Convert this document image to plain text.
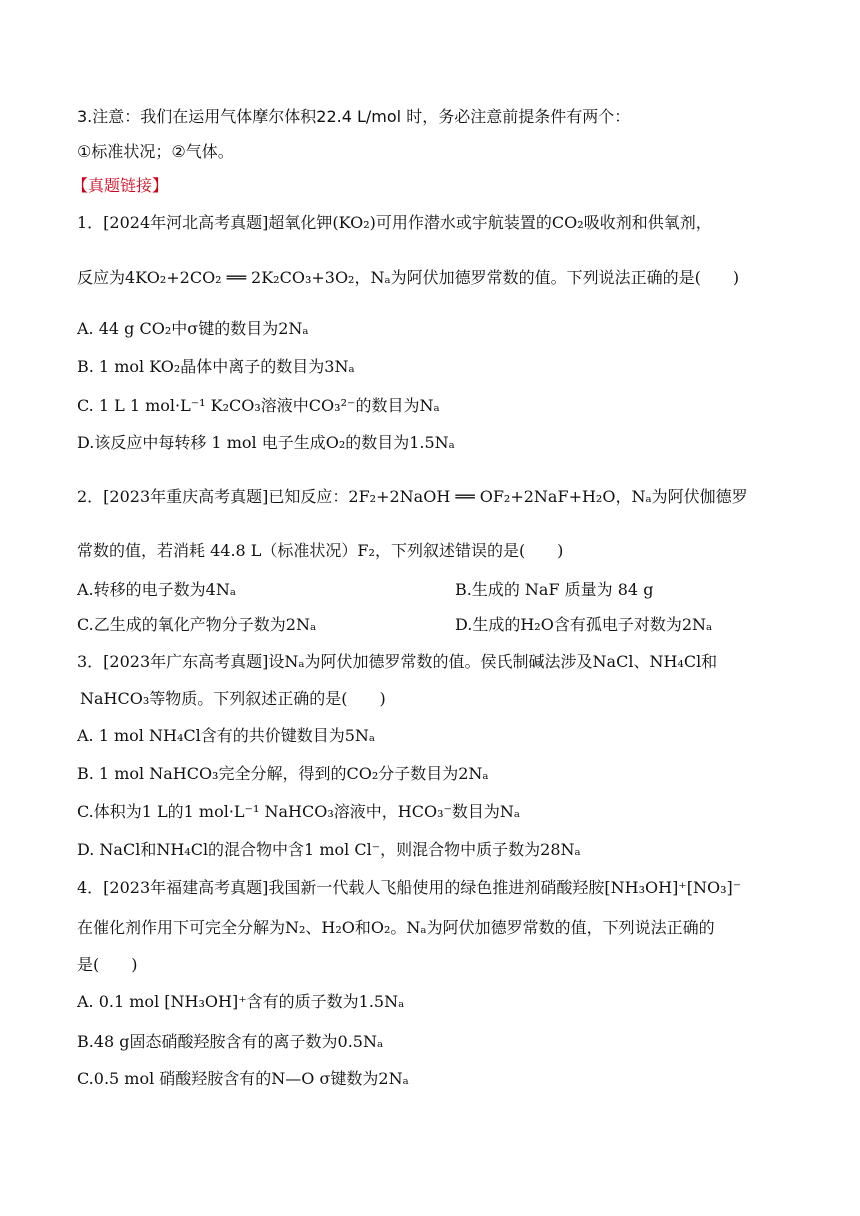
3.注意：我们在运用气体摩尔体积22.4 L/mol 时，务必注意前提条件有两个：
①标准状况；②气体。
【真题链接】
1．[2024年河北高考真题]超氧化钾(KO₂)可用作潜水或宇航装置的CO₂吸收剂和供氧剂，
反应为4KO₂+2CO₂ ══ 2K₂CO₃+3O₂，Nₐ为阿伏加德罗常数的值。下列说法正确的是(　　)
A. 44 g CO₂中σ键的数目为2Nₐ
B. 1 mol KO₂晶体中离子的数目为3Nₐ
C. 1 L 1 mol·L⁻¹ K₂CO₃溶液中CO₃²⁻的数目为Nₐ
D.该反应中每转移 1 mol 电子生成O₂的数目为1.5Nₐ
2．[2023年重庆高考真题]已知反应：2F₂+2NaOH ══ OF₂+2NaF+H₂O，Nₐ为阿伏伽德罗
常数的值，若消耗 44.8 L（标准状况）F₂，下列叙述错误的是(　　)
A.转移的电子数为4Nₐ	B.生成的 NaF 质量为 84 g
C.乙生成的氧化产物分子数为2Nₐ	D.生成的H₂O含有孤电子对数为2Nₐ
3．[2023年广东高考真题]设Nₐ为阿伏加德罗常数的值。侯氏制碱法涉及NaCl、NH₄Cl和
NaHCO₃等物质。下列叙述正确的是(　　)
A. 1 mol NH₄Cl含有的共价键数目为5Nₐ
B. 1 mol NaHCO₃完全分解，得到的CO₂分子数目为2Nₐ
C.体积为1 L的1 mol·L⁻¹ NaHCO₃溶液中，HCO₃⁻数目为Nₐ
D. NaCl和NH₄Cl的混合物中含1 mol Cl⁻，则混合物中质子数为28Nₐ
4．[2023年福建高考真题]我国新一代载人飞船使用的绿色推进剂硝酸羟胺[NH₃OH]⁺[NO₃]⁻
在催化剂作用下可完全分解为N₂、H₂O和O₂。Nₐ为阿伏加德罗常数的值，下列说法正确的
是(　　)
A. 0.1 mol [NH₃OH]⁺含有的质子数为1.5Nₐ
B.48 g固态硝酸羟胺含有的离子数为0.5Nₐ
C.0.5 mol 硝酸羟胺含有的N—O σ键数为2Nₐ
